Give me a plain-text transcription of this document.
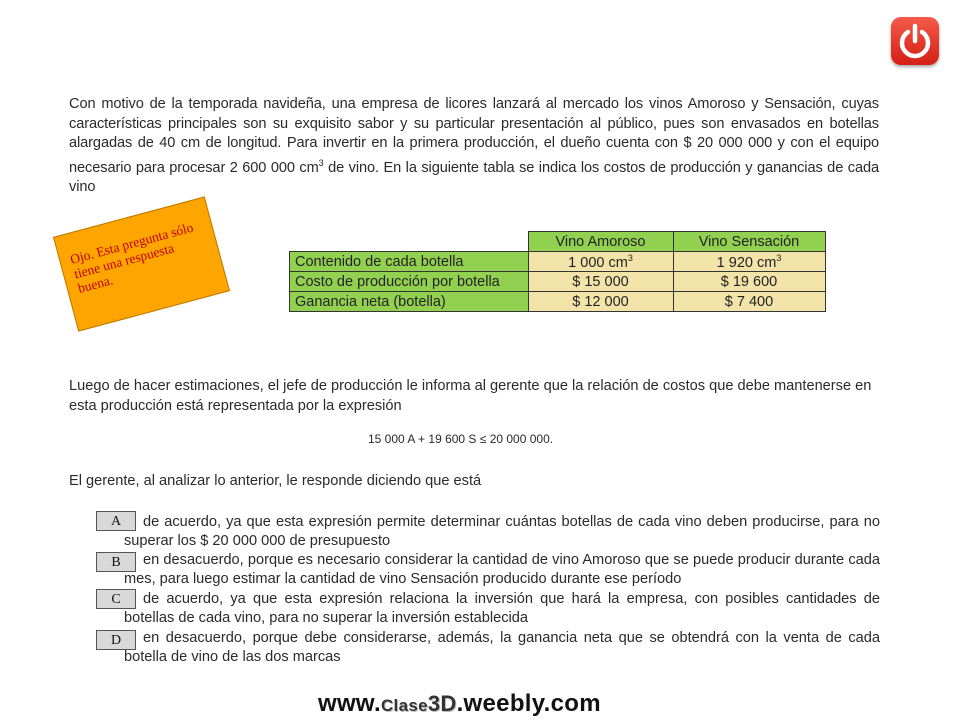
Con motivo de la temporada navideña, una empresa de licores lanzará al mercado los vinos Amoroso y Sensación, cuyas características principales son su exquisito sabor y su particular presentación al público, pues son envasados en botellas alargadas de 40 cm de longitud. Para invertir en la primera producción, el dueño cuenta con $ 20 000 000 y con el equipo necesario para procesar 2 600 000 $cm^3$ de vino. En la siguiente tabla se indica los costos de producción y ganancias de cada vino
Ojo. Esta pregunta sólo tiene una respuesta buena.
	Vino Amoroso	Vino Sensación
Contenido de cada botella	1 000 $cm^3$	1 920 $cm^3$
Costo de producción por botella	$ 15 000	$ 19 600
Ganancia neta (botella)	$ 12 000	$ 7 400
Luego de hacer estimaciones, el jefe de producción le informa al gerente que la relación de costos que debe mantenerse en esta producción está representada por la expresión
15 000 A + 19 600 S ≤ 20 000 000.
El gerente, al analizar lo anterior, le responde diciendo que está
A	de acuerdo, ya que esta expresión permite determinar cuántas botellas de cada vino deben producirse, para no superar los $ 20 000 000 de presupuesto
B	en desacuerdo, porque es necesario considerar la cantidad de vino Amoroso que se puede producir durante cada mes, para luego estimar la cantidad de vino Sensación producido durante ese período
C	de acuerdo, ya que esta expresión relaciona la inversión que hará la empresa, con posibles cantidades de botellas de cada vino, para no superar la inversión establecida
D	en desacuerdo, porque debe considerarse, además, la ganancia neta que se obtendrá con la venta de cada botella de vino de las dos marcas
www.Clase3D.weebly.com
